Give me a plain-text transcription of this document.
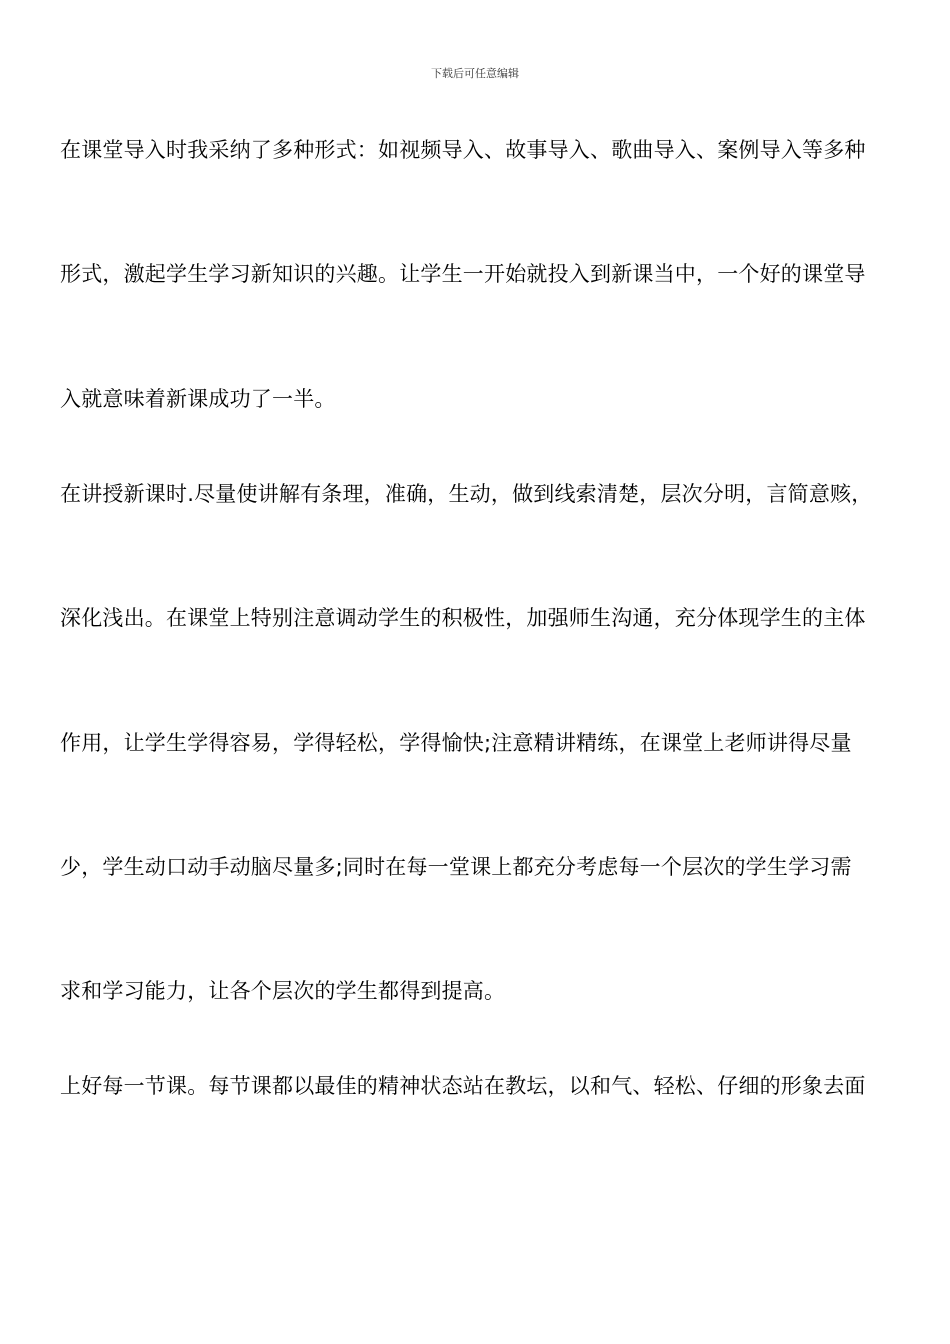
下载后可任意编辑
在课堂导入时我采纳了多种形式：如视频导入、故事导入、歌曲导入、案例导入等多种
形式，激起学生学习新知识的兴趣。让学生一开始就投入到新课当中，一个好的课堂导
入就意味着新课成功了一半。
在讲授新课时.尽量使讲解有条理，准确，生动，做到线索清楚，层次分明，言简意赅，
深化浅出。在课堂上特别注意调动学生的积极性，加强师生沟通，充分体现学生的主体
作用，让学生学得容易，学得轻松，学得愉快;注意精讲精练，在课堂上老师讲得尽量
少，学生动口动手动脑尽量多;同时在每一堂课上都充分考虑每一个层次的学生学习需
求和学习能力，让各个层次的学生都得到提高。
上好每一节课。每节课都以最佳的精神状态站在教坛，以和气、轻松、仔细的形象去面
